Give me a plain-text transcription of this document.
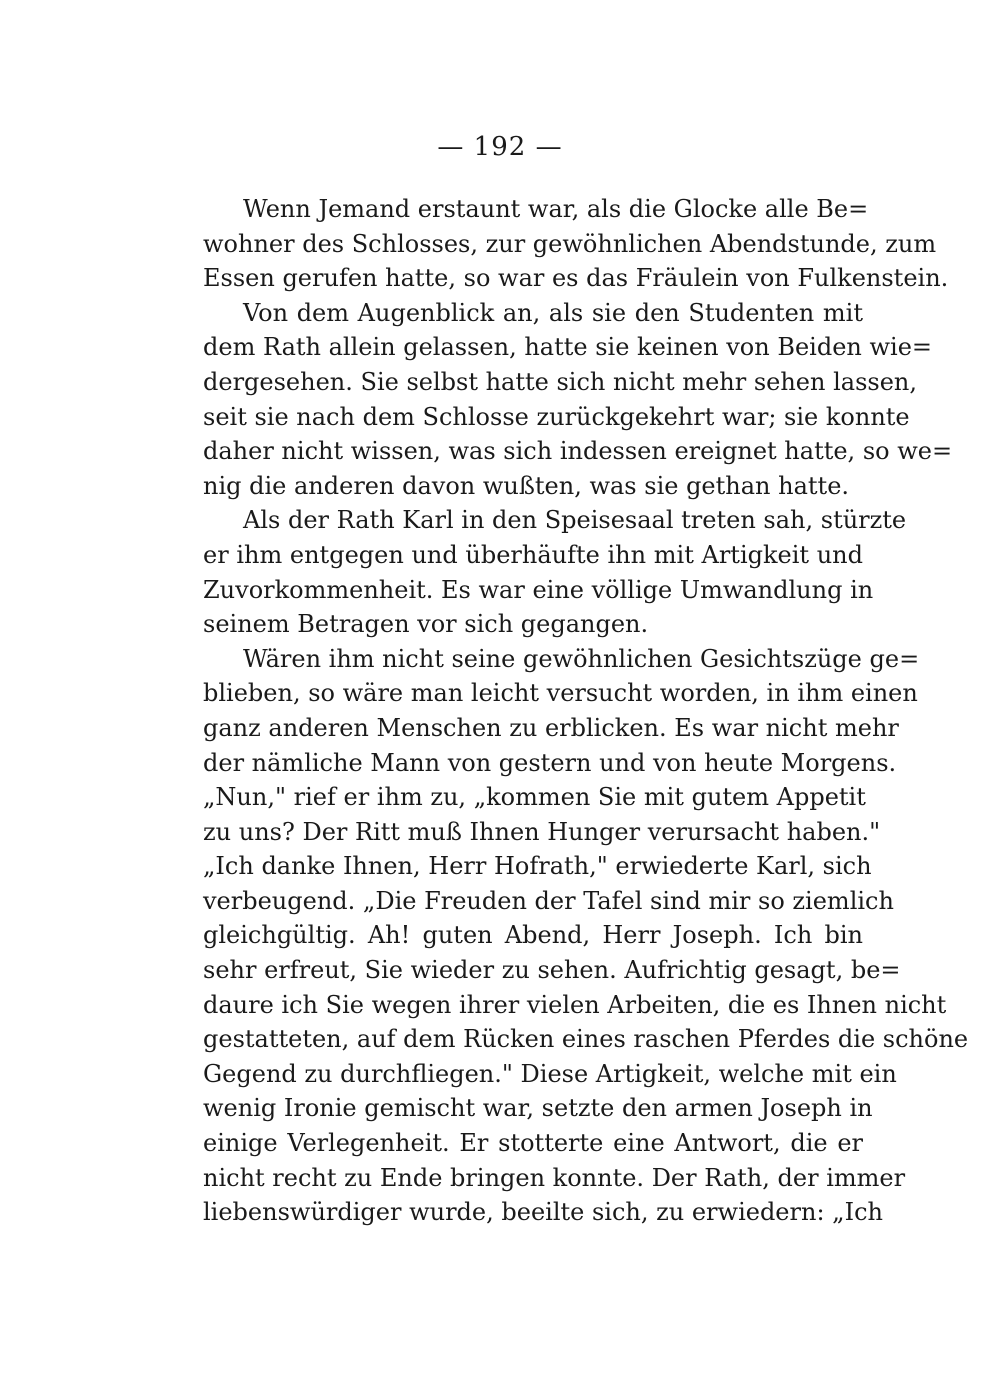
— 192 —
Wenn Jemand erstaunt war, als die Glocke alle Be=
wohner des Schlosses, zur gewöhnlichen Abendstunde, zum
Essen gerufen hatte, so war es das Fräulein von Fulkenstein.
Von dem Augenblick an, als sie den Studenten mit
dem Rath allein gelassen, hatte sie keinen von Beiden wie=
dergesehen. Sie selbst hatte sich nicht mehr sehen lassen,
seit sie nach dem Schlosse zurückgekehrt war; sie konnte
daher nicht wissen, was sich indessen ereignet hatte, so we=
nig die anderen davon wußten, was sie gethan hatte.
Als der Rath Karl in den Speisesaal treten sah, stürzte
er ihm entgegen und überhäufte ihn mit Artigkeit und
Zuvorkommenheit. Es war eine völlige Umwandlung in
seinem Betragen vor sich gegangen.
Wären ihm nicht seine gewöhnlichen Gesichtszüge ge=
blieben, so wäre man leicht versucht worden, in ihm einen
ganz anderen Menschen zu erblicken. Es war nicht mehr
der nämliche Mann von gestern und von heute Morgens.
„Nun," rief er ihm zu, „kommen Sie mit gutem Appetit
zu uns? Der Ritt muß Ihnen Hunger verursacht haben."
„Ich danke Ihnen, Herr Hofrath," erwiederte Karl, sich
verbeugend. „Die Freuden der Tafel sind mir so ziemlich
gleichgültig. Ah! guten Abend, Herr Joseph. Ich bin
sehr erfreut, Sie wieder zu sehen. Aufrichtig gesagt, be=
daure ich Sie wegen ihrer vielen Arbeiten, die es Ihnen nicht
gestatteten, auf dem Rücken eines raschen Pferdes die schöne
Gegend zu durchfliegen." Diese Artigkeit, welche mit ein
wenig Ironie gemischt war, setzte den armen Joseph in
einige Verlegenheit. Er stotterte eine Antwort, die er
nicht recht zu Ende bringen konnte. Der Rath, der immer
liebenswürdiger wurde, beeilte sich, zu erwiedern: „Ich
